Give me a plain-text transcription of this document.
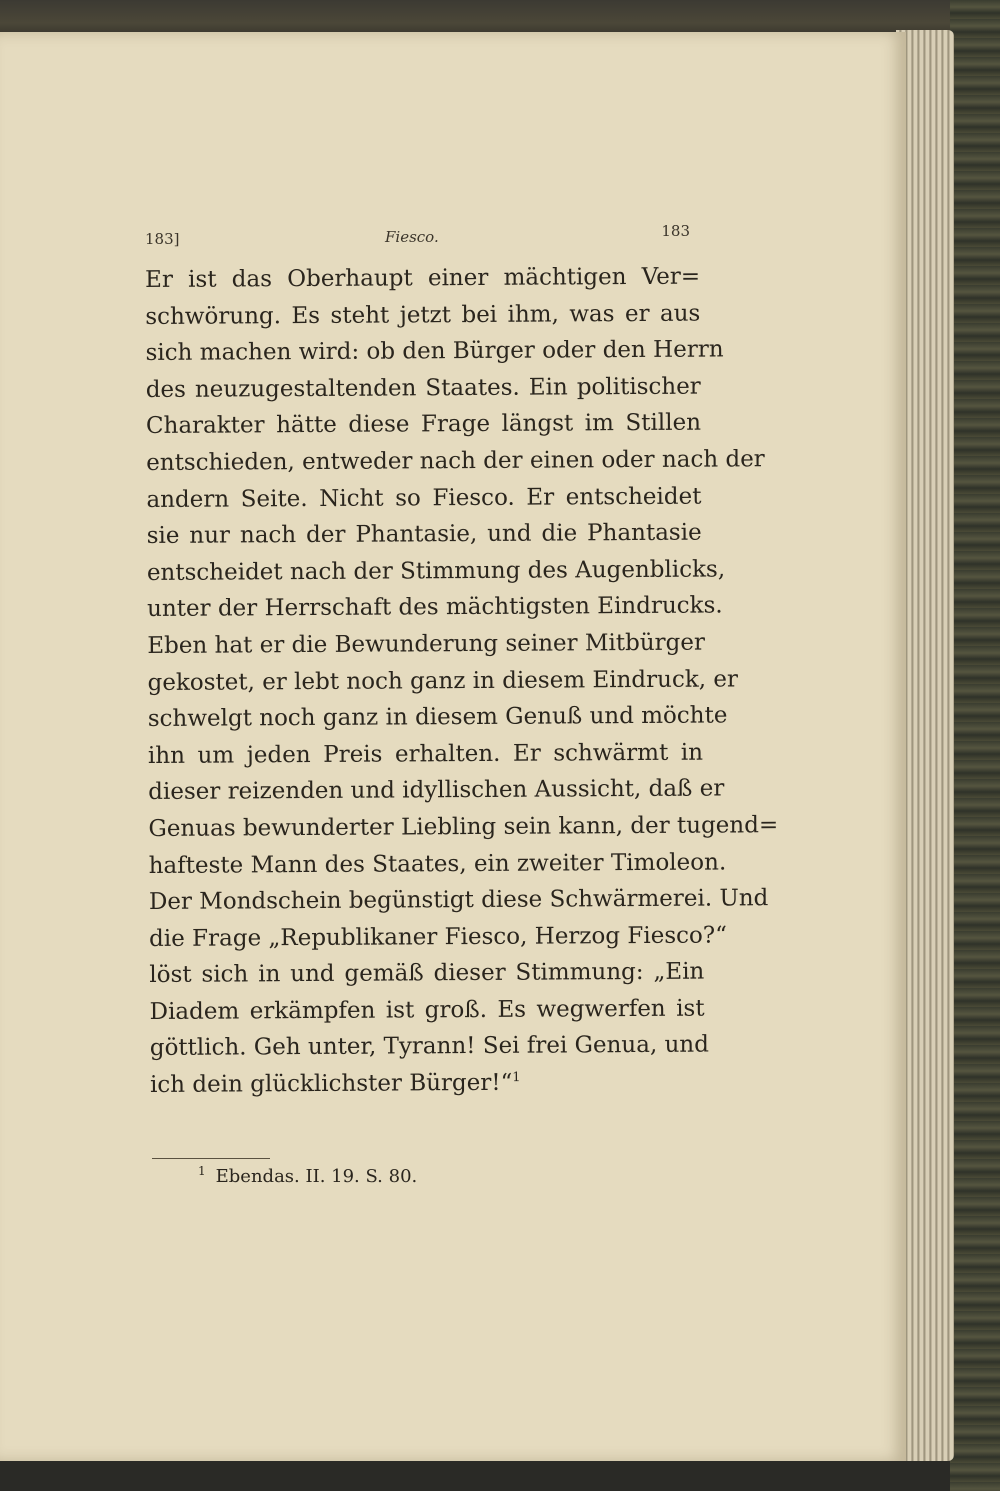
183]	Fiesco.	183
Er ist das Oberhaupt einer mächtigen Ver=
schwörung. Es steht jetzt bei ihm, was er aus
sich machen wird: ob den Bürger oder den Herrn
des neuzugestaltenden Staates. Ein politischer
Charakter hätte diese Frage längst im Stillen
entschieden, entweder nach der einen oder nach der
andern Seite. Nicht so Fiesco. Er entscheidet
sie nur nach der Phantasie, und die Phantasie
entscheidet nach der Stimmung des Augenblicks,
unter der Herrschaft des mächtigsten Eindrucks.
Eben hat er die Bewunderung seiner Mitbürger
gekostet, er lebt noch ganz in diesem Eindruck, er
schwelgt noch ganz in diesem Genuß und möchte
ihn um jeden Preis erhalten. Er schwärmt in
dieser reizenden und idyllischen Aussicht, daß er
Genuas bewunderter Liebling sein kann, der tugend=
hafteste Mann des Staates, ein zweiter Timoleon.
Der Mondschein begünstigt diese Schwärmerei. Und
die Frage „Republikaner Fiesco, Herzog Fiesco?“
löst sich in und gemäß dieser Stimmung: „Ein
Diadem erkämpfen ist groß. Es wegwerfen ist
göttlich. Geh unter, Tyrann! Sei frei Genua, und
ich dein glücklichster Bürger!“$^1$
$^1$ Ebendas. II. 19. S. 80.
